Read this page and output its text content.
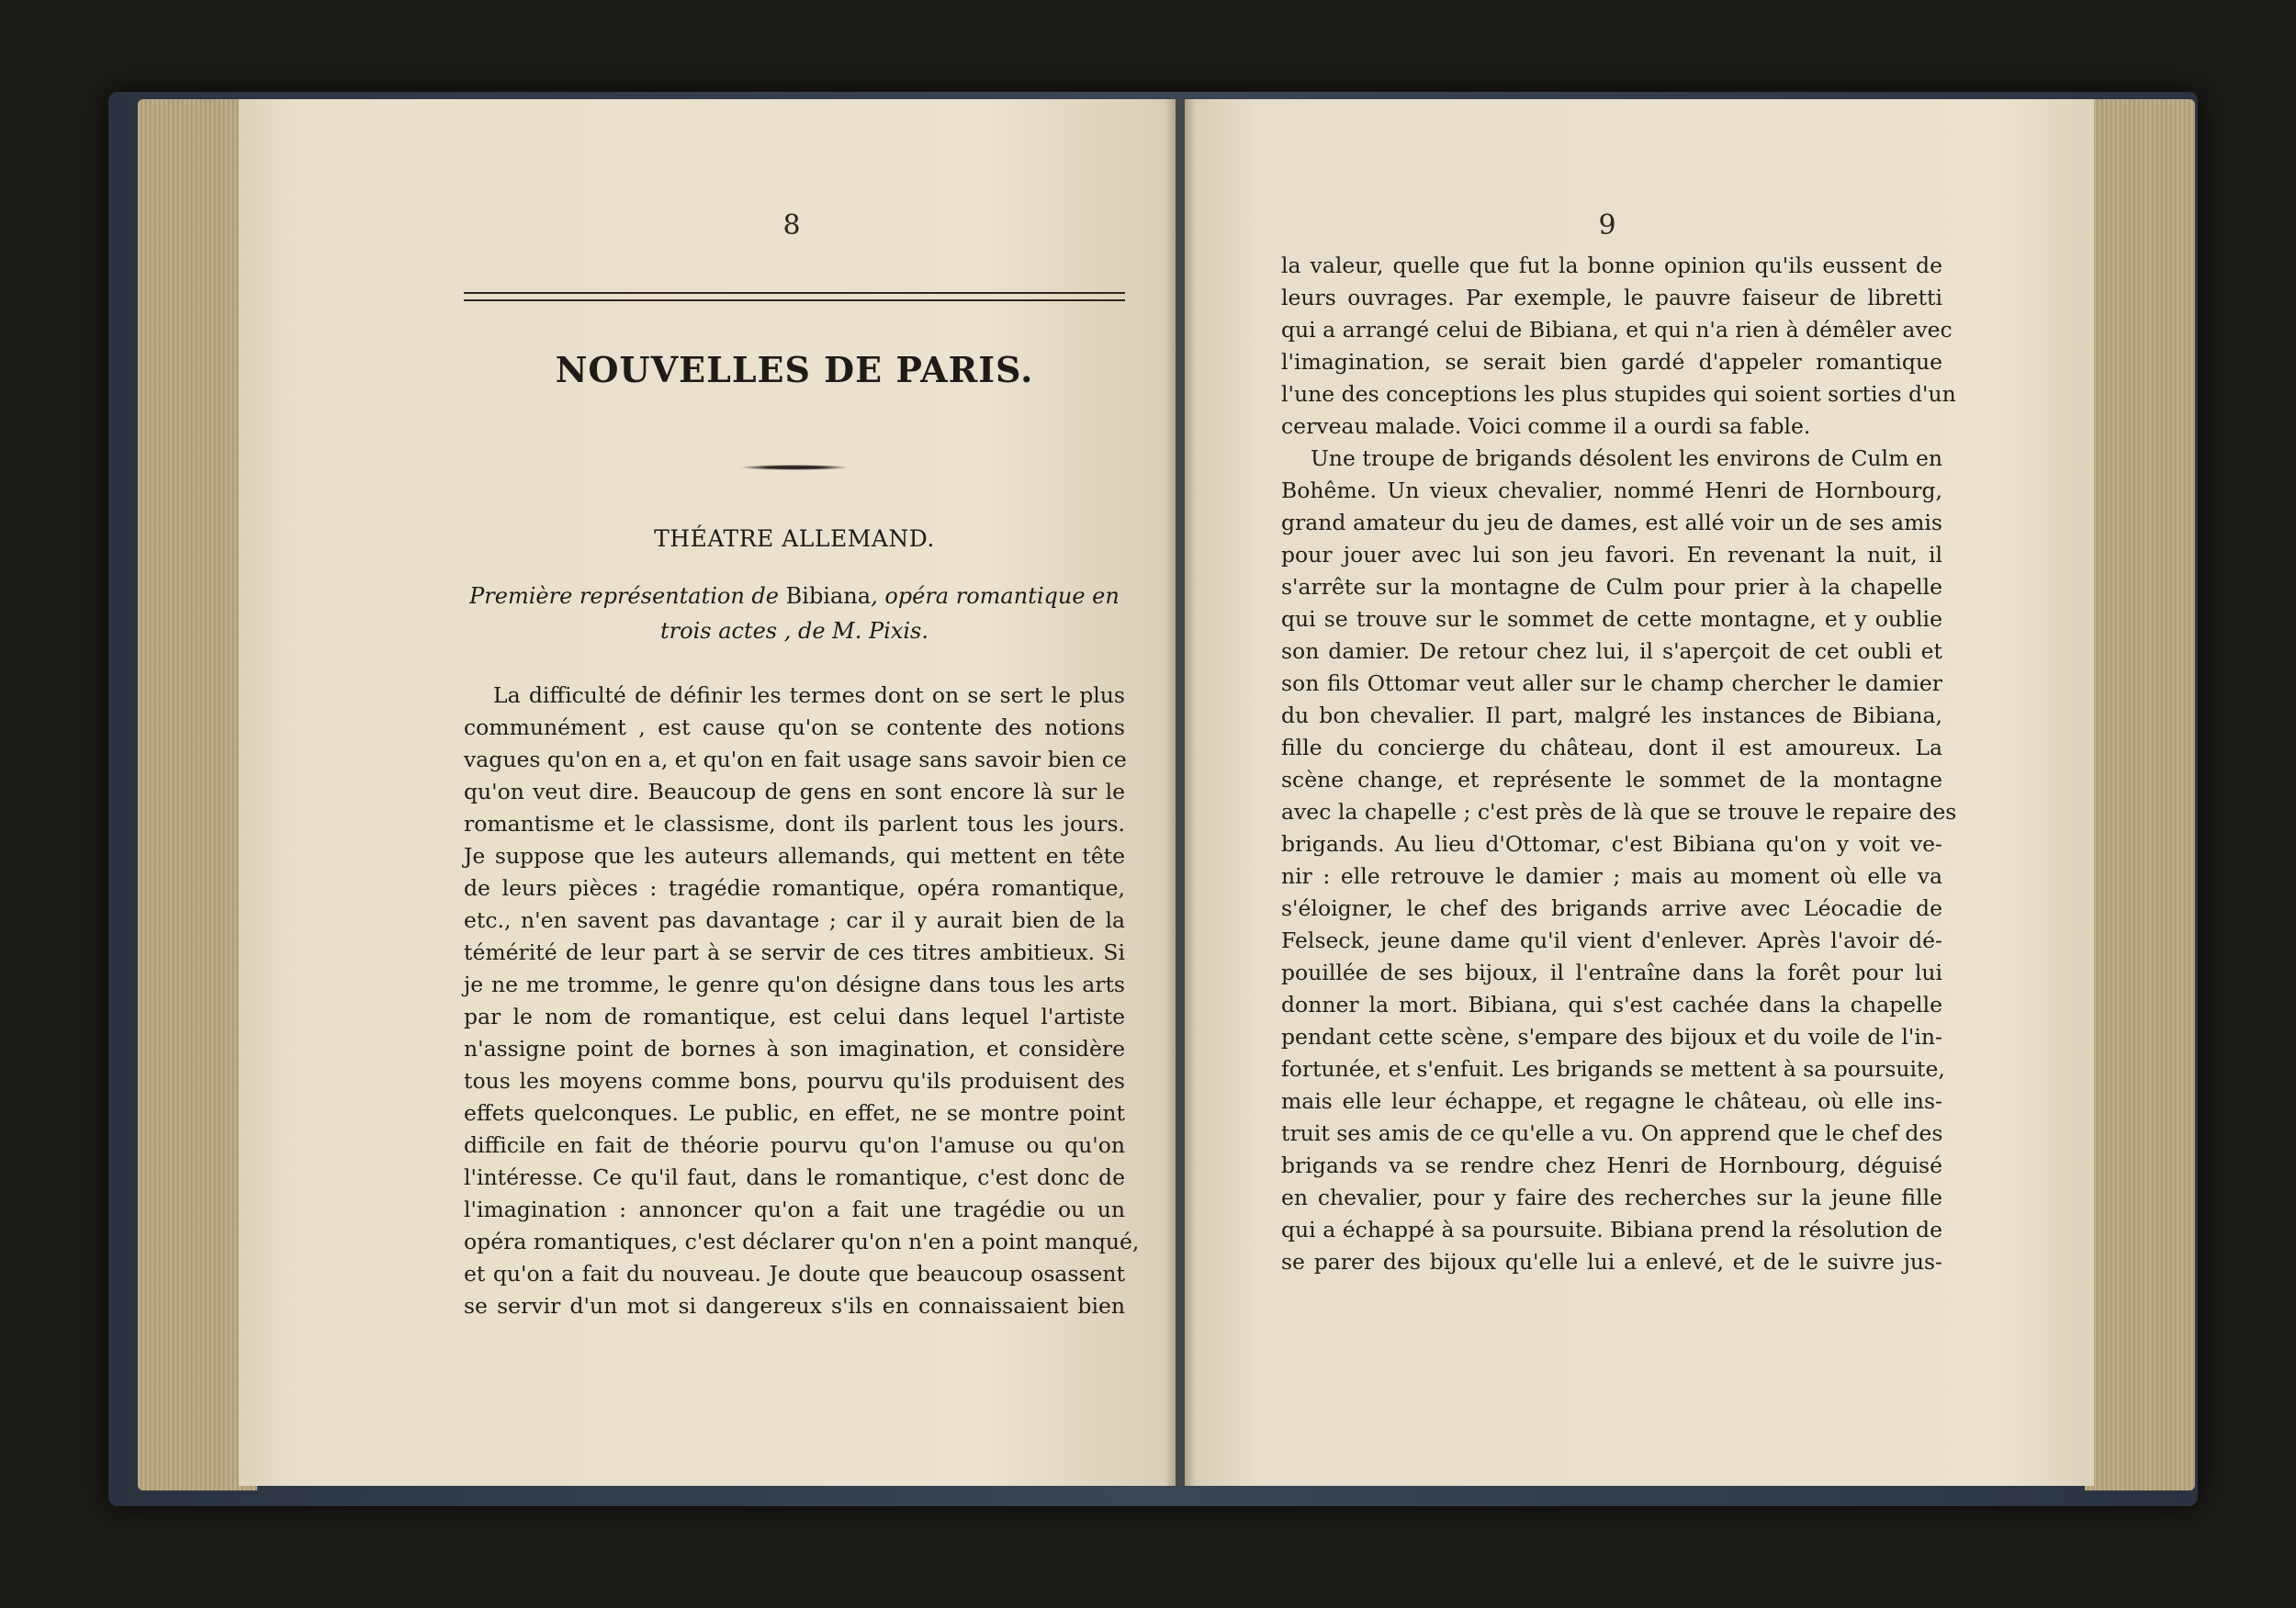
8
NOUVELLES DE PARIS.
THÉATRE ALLEMAND.
Première représentation de Bibiana, opéra romantique en
trois actes , de M. Pixis.
La difficulté de définir les termes dont on se sert le plus
communément , est cause qu'on se contente des notions
vagues qu'on en a, et qu'on en fait usage sans savoir bien ce
qu'on veut dire. Beaucoup de gens en sont encore là sur le
romantisme et le classisme, dont ils parlent tous les jours.
Je suppose que les auteurs allemands, qui mettent en tête
de leurs pièces : tragédie romantique, opéra romantique,
etc., n'en savent pas davantage ; car il y aurait bien de la
témérité de leur part à se servir de ces titres ambitieux. Si
je ne me tromme, le genre qu'on désigne dans tous les arts
par le nom de romantique, est celui dans lequel l'artiste
n'assigne point de bornes à son imagination, et considère
tous les moyens comme bons, pourvu qu'ils produisent des
effets quelconques. Le public, en effet, ne se montre point
difficile en fait de théorie pourvu qu'on l'amuse ou qu'on
l'intéresse. Ce qu'il faut, dans le romantique, c'est donc de
l'imagination : annoncer qu'on a fait une tragédie ou un
opéra romantiques, c'est déclarer qu'on n'en a point manqué,
et qu'on a fait du nouveau. Je doute que beaucoup osassent
se servir d'un mot si dangereux s'ils en connaissaient bien
9
la valeur, quelle que fut la bonne opinion qu'ils eussent de
leurs ouvrages. Par exemple, le pauvre faiseur de libretti
qui a arrangé celui de Bibiana, et qui n'a rien à démêler avec
l'imagination, se serait bien gardé d'appeler romantique
l'une des conceptions les plus stupides qui soient sorties d'un
cerveau malade. Voici comme il a ourdi sa fable.
Une troupe de brigands désolent les environs de Culm en
Bohême. Un vieux chevalier, nommé Henri de Hornbourg,
grand amateur du jeu de dames, est allé voir un de ses amis
pour jouer avec lui son jeu favori. En revenant la nuit, il
s'arrête sur la montagne de Culm pour prier à la chapelle
qui se trouve sur le sommet de cette montagne, et y oublie
son damier. De retour chez lui, il s'aperçoit de cet oubli et
son fils Ottomar veut aller sur le champ chercher le damier
du bon chevalier. Il part, malgré les instances de Bibiana,
fille du concierge du château, dont il est amoureux. La
scène change, et représente le sommet de la montagne
avec la chapelle ; c'est près de là que se trouve le repaire des
brigands. Au lieu d'Ottomar, c'est Bibiana qu'on y voit ve-
nir : elle retrouve le damier ; mais au moment où elle va
s'éloigner, le chef des brigands arrive avec Léocadie de
Felseck, jeune dame qu'il vient d'enlever. Après l'avoir dé-
pouillée de ses bijoux, il l'entraîne dans la forêt pour lui
donner la mort. Bibiana, qui s'est cachée dans la chapelle
pendant cette scène, s'empare des bijoux et du voile de l'in-
fortunée, et s'enfuit. Les brigands se mettent à sa poursuite,
mais elle leur échappe, et regagne le château, où elle ins-
truit ses amis de ce qu'elle a vu. On apprend que le chef des
brigands va se rendre chez Henri de Hornbourg, déguisé
en chevalier, pour y faire des recherches sur la jeune fille
qui a échappé à sa poursuite. Bibiana prend la résolution de
se parer des bijoux qu'elle lui a enlevé, et de le suivre jus-
